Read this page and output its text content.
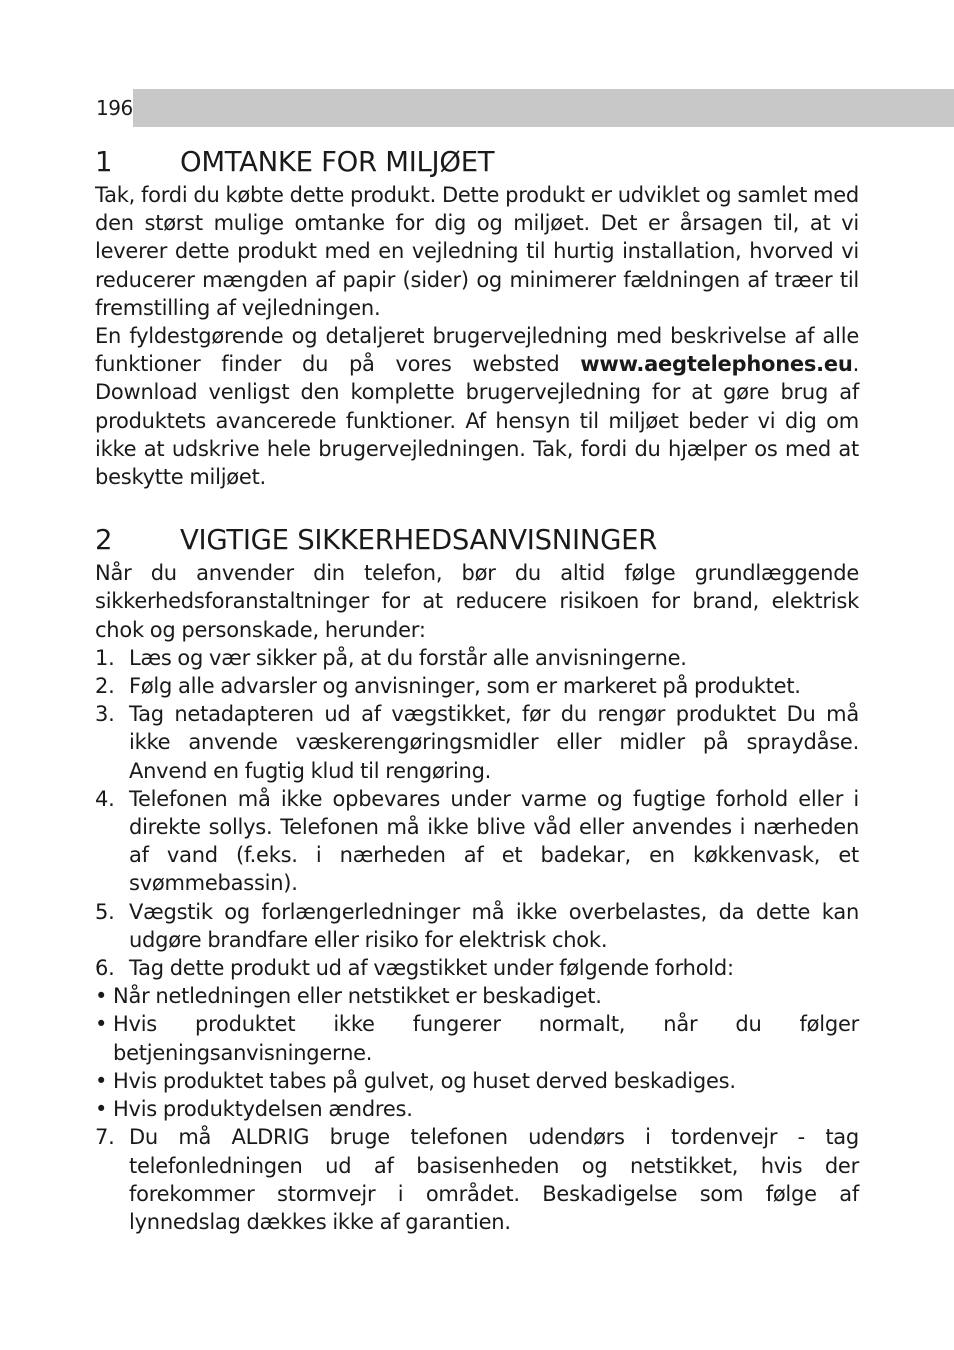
196
1	OMTANKE FOR MILJØET

Tak, fordi du købte dette produkt. Dette produkt er udviklet og samlet med den størst mulige omtanke for dig og miljøet. Det er årsagen til, at vi leverer dette produkt med en vejledning til hurtig installation, hvorved vi reducerer mængden af papir (sider) og minimerer fældningen af træer til fremstilling af vejledningen.

En fyldestgørende og detaljeret brugervejledning med beskrivelse af alle funktioner finder du på vores websted www.aegtelephones.eu. Download venligst den komplette brugervejledning for at gøre brug af produktets avancerede funktioner. Af hensyn til miljøet beder vi dig om ikke at udskrive hele brugervejledningen. Tak, fordi du hjælper os med at beskytte miljøet.

2	VIGTIGE SIKKERHEDSANVISNINGER

Når du anvender din telefon, bør du altid følge grundlæggende sikkerhedsforanstaltninger for at reducere risikoen for brand, elektrisk chok og personskade, herunder:

1. Læs og vær sikker på, at du forstår alle anvisningerne.
2. Følg alle advarsler og anvisninger, som er markeret på produktet.
3. Tag netadapteren ud af vægstikket, før du rengør produktet Du må ikke anvende væskerengøringsmidler eller midler på spraydåse. Anvend en fugtig klud til rengøring.
4. Telefonen må ikke opbevares under varme og fugtige forhold eller i direkte sollys. Telefonen må ikke blive våd eller anvendes i nærheden af vand (f.eks. i nærheden af et badekar, en køkkenvask, et svømmebassin).
5. Vægstik og forlængerledninger må ikke overbelastes, da dette kan udgøre brandfare eller risiko for elektrisk chok.
6. Tag dette produkt ud af vægstikket under følgende forhold:
• Når netledningen eller netstikket er beskadiget.
• Hvis produktet ikke fungerer normalt, når du følger betjeningsanvisningerne.
• Hvis produktet tabes på gulvet, og huset derved beskadiges.
• Hvis produktydelsen ændres.
7. Du må ALDRIG bruge telefonen udendørs i tordenvejr - tag telefonledningen ud af basisenheden og netstikket, hvis der forekommer stormvejr i området. Beskadigelse som følge af lynnedslag dækkes ikke af garantien.
